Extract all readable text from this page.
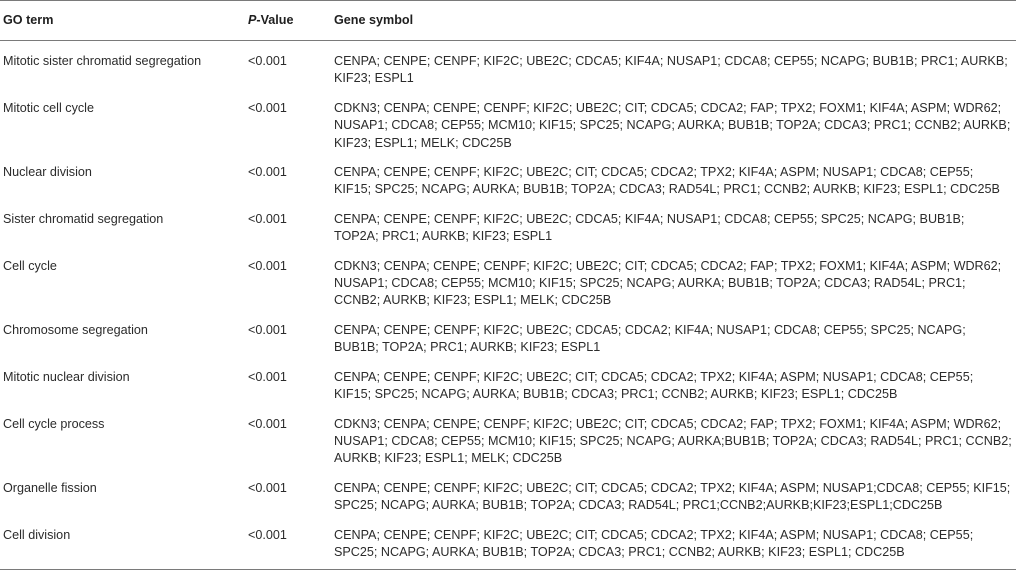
GO term	P-Value	Gene symbol
Mitotic sister chromatid segregation	<0.001	CENPA; CENPE; CENPF; KIF2C; UBE2C; CDCA5; KIF4A; NUSAP1; CDCA8; CEP55; NCAPG; BUB1B; PRC1; AURKB; KIF23; ESPL1
Mitotic cell cycle	<0.001	CDKN3; CENPA; CENPE; CENPF; KIF2C; UBE2C; CIT; CDCA5; CDCA2; FAP; TPX2; FOXM1; KIF4A; ASPM; WDR62; NUSAP1; CDCA8; CEP55; MCM10; KIF15; SPC25; NCAPG; AURKA; BUB1B; TOP2A; CDCA3; PRC1; CCNB2; AURKB; KIF23; ESPL1; MELK; CDC25B
Nuclear division	<0.001	CENPA; CENPE; CENPF; KIF2C; UBE2C; CIT; CDCA5; CDCA2; TPX2; KIF4A; ASPM; NUSAP1; CDCA8; CEP55; KIF15; SPC25; NCAPG; AURKA; BUB1B; TOP2A; CDCA3; RAD54L; PRC1; CCNB2; AURKB; KIF23; ESPL1; CDC25B
Sister chromatid segregation	<0.001	CENPA; CENPE; CENPF; KIF2C; UBE2C; CDCA5; KIF4A; NUSAP1; CDCA8; CEP55; SPC25; NCAPG; BUB1B; TOP2A; PRC1; AURKB; KIF23; ESPL1
Cell cycle	<0.001	CDKN3; CENPA; CENPE; CENPF; KIF2C; UBE2C; CIT; CDCA5; CDCA2; FAP; TPX2; FOXM1; KIF4A; ASPM; WDR62; NUSAP1; CDCA8; CEP55; MCM10; KIF15; SPC25; NCAPG; AURKA; BUB1B; TOP2A; CDCA3; RAD54L; PRC1; CCNB2; AURKB; KIF23; ESPL1; MELK; CDC25B
Chromosome segregation	<0.001	CENPA; CENPE; CENPF; KIF2C; UBE2C; CDCA5; CDCA2; KIF4A; NUSAP1; CDCA8; CEP55; SPC25; NCAPG; BUB1B; TOP2A; PRC1; AURKB; KIF23; ESPL1
Mitotic nuclear division	<0.001	CENPA; CENPE; CENPF; KIF2C; UBE2C; CIT; CDCA5; CDCA2; TPX2; KIF4A; ASPM; NUSAP1; CDCA8; CEP55; KIF15; SPC25; NCAPG; AURKA; BUB1B; CDCA3; PRC1; CCNB2; AURKB; KIF23; ESPL1; CDC25B
Cell cycle process	<0.001	CDKN3; CENPA; CENPE; CENPF; KIF2C; UBE2C; CIT; CDCA5; CDCA2; FAP; TPX2; FOXM1; KIF4A; ASPM; WDR62; NUSAP1; CDCA8; CEP55; MCM10; KIF15; SPC25; NCAPG; AURKA;BUB1B; TOP2A; CDCA3; RAD54L; PRC1; CCNB2; AURKB; KIF23; ESPL1; MELK; CDC25B
Organelle fission	<0.001	CENPA; CENPE; CENPF; KIF2C; UBE2C; CIT; CDCA5; CDCA2; TPX2; KIF4A; ASPM; NUSAP1;CDCA8; CEP55; KIF15; SPC25; NCAPG; AURKA; BUB1B; TOP2A; CDCA3; RAD54L; PRC1;CCNB2;AURKB;KIF23;ESPL1;CDC25B
Cell division	<0.001	CENPA; CENPE; CENPF; KIF2C; UBE2C; CIT; CDCA5; CDCA2; TPX2; KIF4A; ASPM; NUSAP1; CDCA8; CEP55; SPC25; NCAPG; AURKA; BUB1B; TOP2A; CDCA3; PRC1; CCNB2; AURKB; KIF23; ESPL1; CDC25B
